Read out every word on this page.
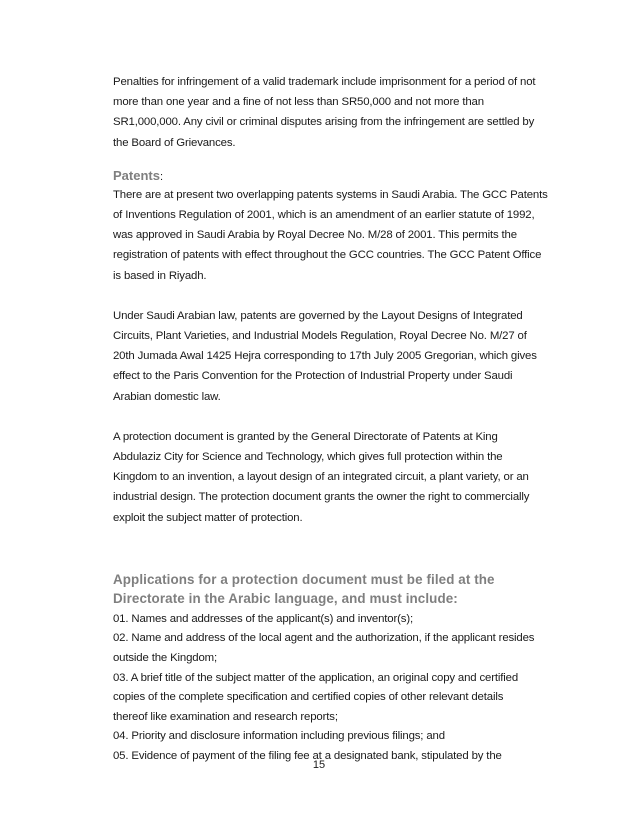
Penalties for infringement of a valid trademark include imprisonment for a period of not
more than one year and a fine of not less than SR50,000 and not more than
SR1,000,000. Any civil or criminal disputes arising from the infringement are settled by
the Board of Grievances.

Patents:

There are at present two overlapping patents systems in Saudi Arabia. The GCC Patents
of Inventions Regulation of 2001, which is an amendment of an earlier statute of 1992,
was approved in Saudi Arabia by Royal Decree No. M/28 of 2001. This permits the
registration of patents with effect throughout the GCC countries. The GCC Patent Office
is based in Riyadh.

Under Saudi Arabian law, patents are governed by the Layout Designs of Integrated
Circuits, Plant Varieties, and Industrial Models Regulation, Royal Decree No. M/27 of
20th Jumada Awal 1425 Hejra corresponding to 17th July 2005 Gregorian, which gives
effect to the Paris Convention for the Protection of Industrial Property under Saudi
Arabian domestic law.

A protection document is granted by the General Directorate of Patents at King
Abdulaziz City for Science and Technology, which gives full protection within the
Kingdom to an invention, a layout design of an integrated circuit, a plant variety, or an
industrial design. The protection document grants the owner the right to commercially
exploit the subject matter of protection.

Applications for a protection document must be filed at the
Directorate in the Arabic language, and must include:
01. Names and addresses of the applicant(s) and inventor(s);
02. Name and address of the local agent and the authorization, if the applicant resides
outside the Kingdom;
03. A brief title of the subject matter of the application, an original copy and certified
copies of the complete specification and certified copies of other relevant details
thereof like examination and research reports;
04. Priority and disclosure information including previous filings; and
05. Evidence of payment of the filing fee at a designated bank, stipulated by the
15
